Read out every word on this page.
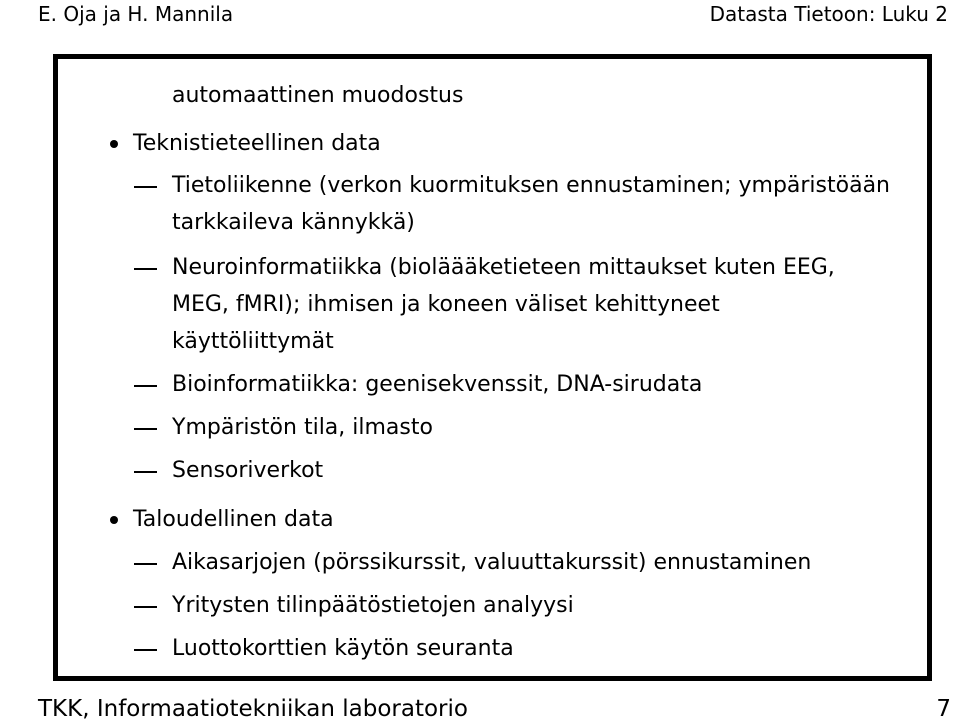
E. Oja ja H. Mannila	Datasta Tietoon: Luku 2
automaattinen muodostus
Teknistieteellinen data
Tietoliikenne (verkon kuormituksen ennustaminen; ympäristöään
tarkkaileva kännykkä)
Neuroinformatiikka (bioläääketieteen mittaukset kuten EEG,
MEG, fMRI); ihmisen ja koneen väliset kehittyneet
käyttöliittymät
Bioinformatiikka: geenisekvenssit, DNA-sirudata
Ympäristön tila, ilmasto
Sensoriverkot
Taloudellinen data
Aikasarjojen (pörssikurssit, valuuttakurssit) ennustaminen
Yritysten tilinpäätöstietojen analyysi
Luottokorttien käytön seuranta
TKK, Informaatiotekniikan laboratorio	7
